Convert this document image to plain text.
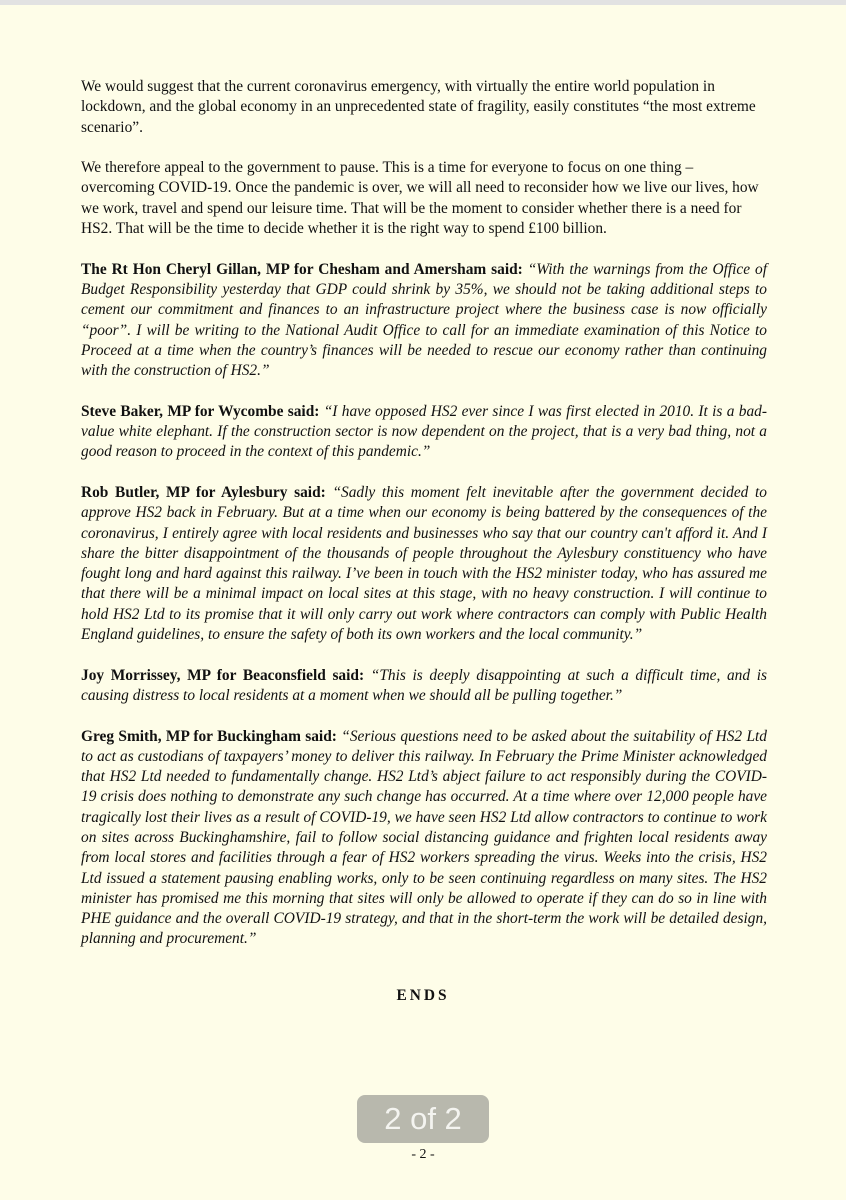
We would suggest that the current coronavirus emergency, with virtually the entire world population in lockdown, and the global economy in an unprecedented state of fragility, easily constitutes “the most extreme scenario”.

We therefore appeal to the government to pause. This is a time for everyone to focus on one thing – overcoming COVID-19. Once the pandemic is over, we will all need to reconsider how we live our lives, how we work, travel and spend our leisure time. That will be the moment to consider whether there is a need for HS2. That will be the time to decide whether it is the right way to spend £100 billion.

The Rt Hon Cheryl Gillan, MP for Chesham and Amersham said: “With the warnings from the Office of Budget Responsibility yesterday that GDP could shrink by 35%, we should not be taking additional steps to cement our commitment and finances to an infrastructure project where the business case is now officially “poor”. I will be writing to the National Audit Office to call for an immediate examination of this Notice to Proceed at a time when the country’s finances will be needed to rescue our economy rather than continuing with the construction of HS2.”

Steve Baker, MP for Wycombe said: “I have opposed HS2 ever since I was first elected in 2010. It is a bad-value white elephant. If the construction sector is now dependent on the project, that is a very bad thing, not a good reason to proceed in the context of this pandemic.”

Rob Butler, MP for Aylesbury said: “Sadly this moment felt inevitable after the government decided to approve HS2 back in February. But at a time when our economy is being battered by the consequences of the coronavirus, I entirely agree with local residents and businesses who say that our country can't afford it. And I share the bitter disappointment of the thousands of people throughout the Aylesbury constituency who have fought long and hard against this railway. I’ve been in touch with the HS2 minister today, who has assured me that there will be a minimal impact on local sites at this stage, with no heavy construction. I will continue to hold HS2 Ltd to its promise that it will only carry out work where contractors can comply with Public Health England guidelines, to ensure the safety of both its own workers and the local community.”

Joy Morrissey, MP for Beaconsfield said: “This is deeply disappointing at such a difficult time, and is causing distress to local residents at a moment when we should all be pulling together.”

Greg Smith, MP for Buckingham said: “Serious questions need to be asked about the suitability of HS2 Ltd to act as custodians of taxpayers’ money to deliver this railway. In February the Prime Minister acknowledged that HS2 Ltd needed to fundamentally change. HS2 Ltd’s abject failure to act responsibly during the COVID-19 crisis does nothing to demonstrate any such change has occurred. At a time where over 12,000 people have tragically lost their lives as a result of COVID-19, we have seen HS2 Ltd allow contractors to continue to work on sites across Buckinghamshire, fail to follow social distancing guidance and frighten local residents away from local stores and facilities through a fear of HS2 workers spreading the virus. Weeks into the crisis, HS2 Ltd issued a statement pausing enabling works, only to be seen continuing regardless on many sites. The HS2 minister has promised me this morning that sites will only be allowed to operate if they can do so in line with PHE guidance and the overall COVID-19 strategy, and that in the short-term the work will be detailed design, planning and procurement.”

ENDS
2 of 2
- 2 -
